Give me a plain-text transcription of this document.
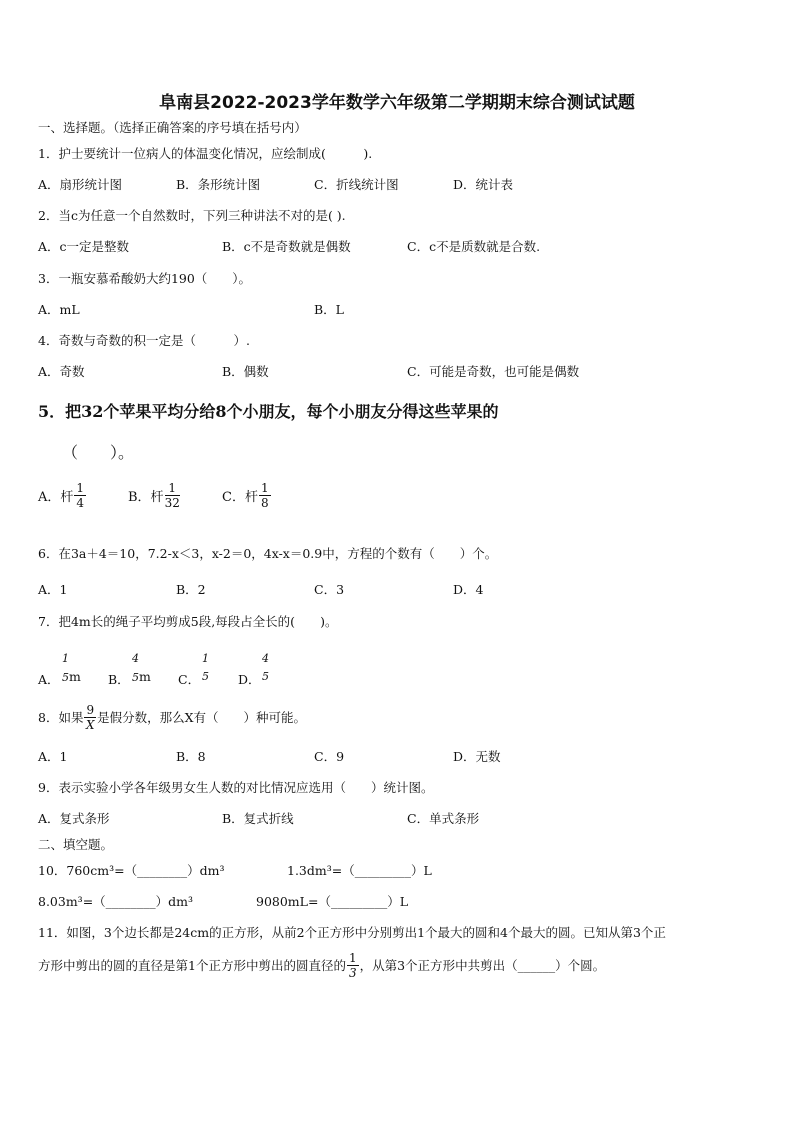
阜南县2022-2023学年数学六年级第二学期期末综合测试试题
一、选择题。（选择正确答案的序号填在括号内）
1．护士要统计一位病人的体温变化情况，应绘制成(　　　).
A．扇形统计图	B．条形统计图	C．折线统计图	D．统计表
2．当c为任意一个自然数时，下列三种讲法不对的是( ).
A．c一定是整数	B．c不是奇数就是偶数	C．c不是质数就是合数.
3．一瓶安慕希酸奶大约190（　　）。
A．mL	B．L
4．奇数与奇数的积一定是（　　　）.
A．奇数	B．偶数	C．可能是奇数，也可能是偶数
5．把32个苹果平均分给8个小朋友，每个小朋友分得这些苹果的
（　　）。
A．杆 $\frac{1}{4}$	B．杆 $\frac{1}{32}$	C．杆 $\frac{1}{8}$
6．在3a＋4＝10，7.2-x＜3，x-2＝0，4x-x＝0.9中，方程的个数有（　　）个。
A．1	B．2	C．3	D．4
7．把4m长的绳子平均剪成5段,每段占全长的(　　)。
A．
1
5m B．
4
5m C．
1
5 D．
4
5
8．如果 $\frac{9}{X}$ 是假分数，那么X有（　　）种可能。
A．1	B．8	C．9	D．无数
9．表示实验小学各年级男女生人数的对比情况应选用（　　）统计图。
A．复式条形	B．复式折线	C．单式条形
二、填空题。
10．760cm³=（________）dm³	1.3dm³=（_________）L
8.03m³=（________）dm³	9080mL=（_________）L
11．如图，3个边长都是24cm的正方形，从前2个正方形中分别剪出1个最大的圆和4个最大的圆。已知从第3个正
方形中剪出的圆的直径是第1个正方形中剪出的圆直径的 $\frac{1}{3}$ ，从第3个正方形中共剪出（______）个圆。
